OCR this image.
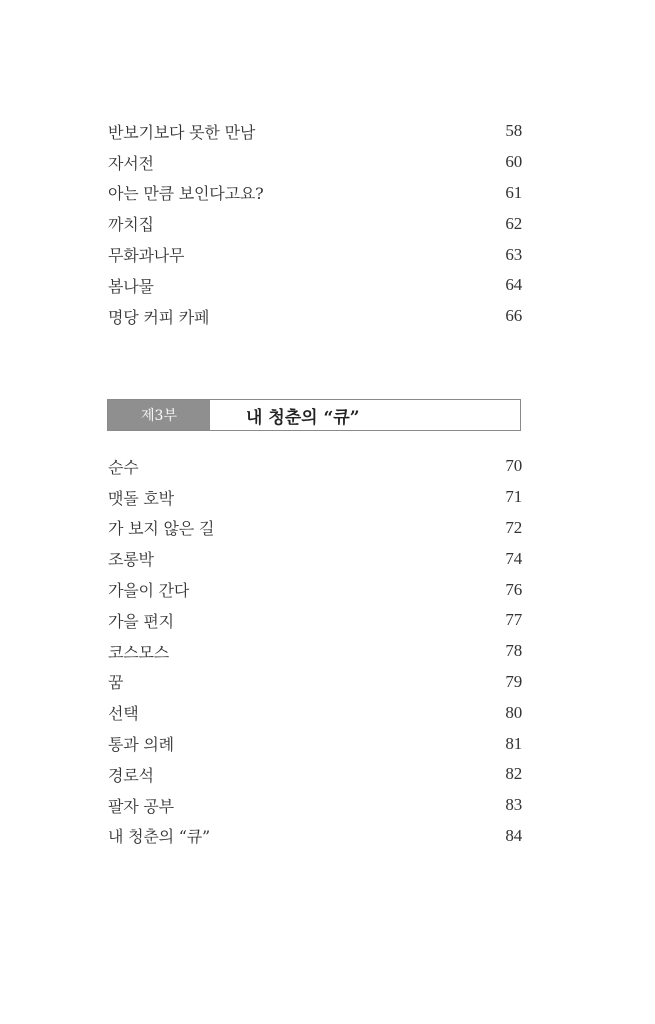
반보기보다 못한 만남	58
자서전	60
아는 만큼 보인다고요?	61
까치집	62
무화과나무	63
봄나물	64
명당 커피 카페	66
제3부	내 청춘의 “큐”
순수	70
맷돌 호박	71
가 보지 않은 길	72
조롱박	74
가을이 간다	76
가을 편지	77
코스모스	78
꿈	79
선택	80
통과 의례	81
경로석	82
팔자 공부	83
내 청춘의 “큐”	84
